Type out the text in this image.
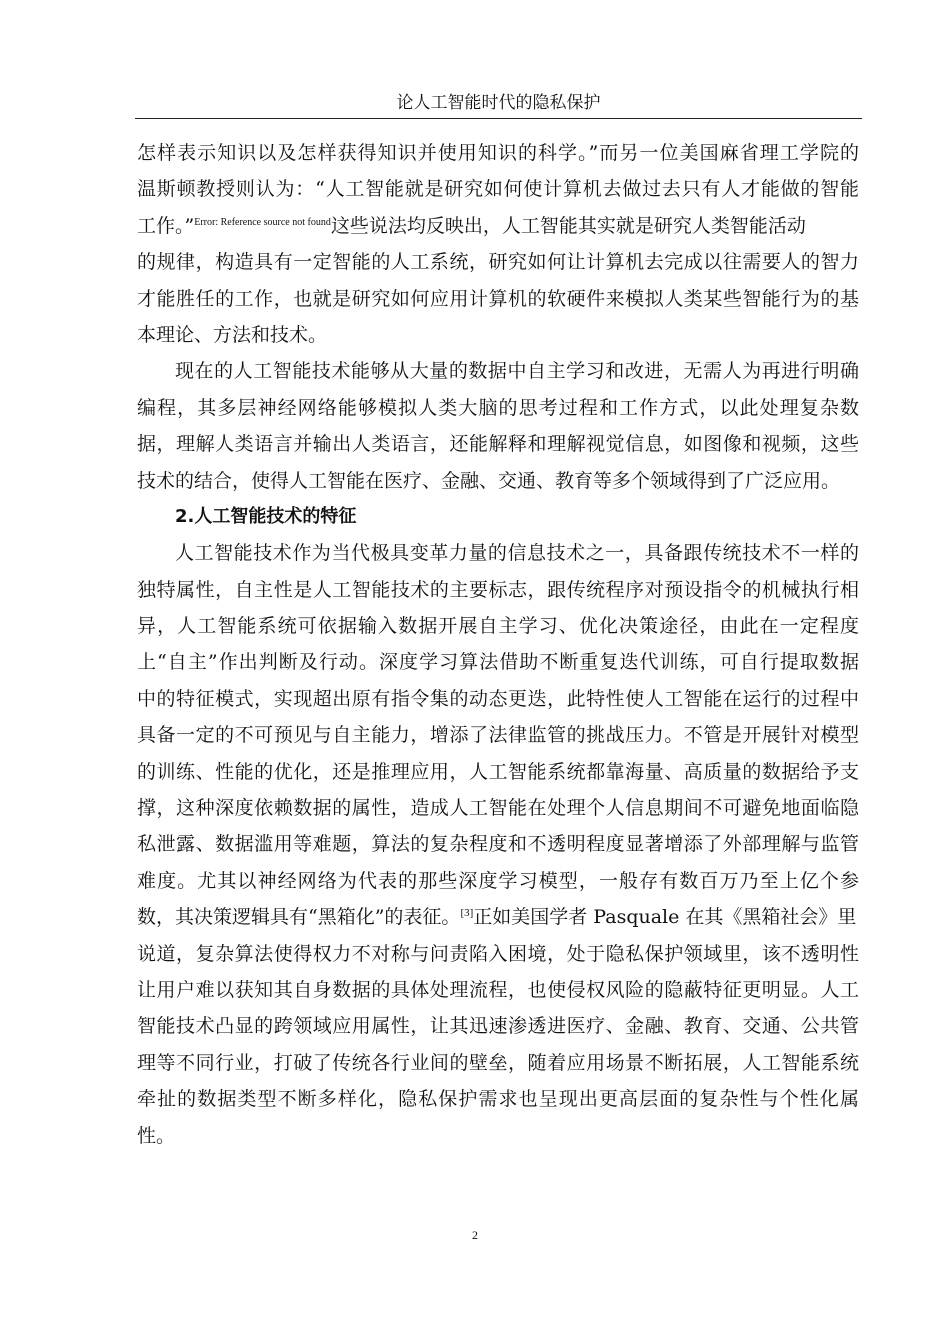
论人工智能时代的隐私保护
怎样表示知识以及怎样获得知识并使用知识的科学。”而另一位美国麻省理工学院的
温斯顿教授则认为：“人工智能就是研究如何使计算机去做过去只有人才能做的智能
工作。”$^{Error: Reference source not found}$这些说法均反映出，人工智能其实就是研究人类智能活动
的规律，构造具有一定智能的人工系统，研究如何让计算机去完成以往需要人的智力
才能胜任的工作，也就是研究如何应用计算机的软硬件来模拟人类某些智能行为的基
本理论、方法和技术。
现在的人工智能技术能够从大量的数据中自主学习和改进，无需人为再进行明确
编程，其多层神经网络能够模拟人类大脑的思考过程和工作方式，以此处理复杂数
据，理解人类语言并输出人类语言，还能解释和理解视觉信息，如图像和视频，这些
技术的结合，使得人工智能在医疗、金融、交通、教育等多个领域得到了广泛应用。
2.人工智能技术的特征
人工智能技术作为当代极具变革力量的信息技术之一，具备跟传统技术不一样的
独特属性，自主性是人工智能技术的主要标志，跟传统程序对预设指令的机械执行相
异，人工智能系统可依据输入数据开展自主学习、优化决策途径，由此在一定程度
上“自主”作出判断及行动。深度学习算法借助不断重复迭代训练，可自行提取数据
中的特征模式，实现超出原有指令集的动态更迭，此特性使人工智能在运行的过程中
具备一定的不可预见与自主能力，增添了法律监管的挑战压力。不管是开展针对模型
的训练、性能的优化，还是推理应用，人工智能系统都靠海量、高质量的数据给予支
撑，这种深度依赖数据的属性，造成人工智能在处理个人信息期间不可避免地面临隐
私泄露、数据滥用等难题，算法的复杂程度和不透明程度显著增添了外部理解与监管
难度。尤其以神经网络为代表的那些深度学习模型，一般存有数百万乃至上亿个参
数，其决策逻辑具有“黑箱化”的表征。[3]正如美国学者 Pasquale 在其《黑箱社会》里
说道，复杂算法使得权力不对称与问责陷入困境，处于隐私保护领域里，该不透明性
让用户难以获知其自身数据的具体处理流程，也使侵权风险的隐蔽特征更明显。人工
智能技术凸显的跨领域应用属性，让其迅速渗透进医疗、金融、教育、交通、公共管
理等不同行业，打破了传统各行业间的壁垒，随着应用场景不断拓展，人工智能系统
牵扯的数据类型不断多样化，隐私保护需求也呈现出更高层面的复杂性与个性化属
性。
2
